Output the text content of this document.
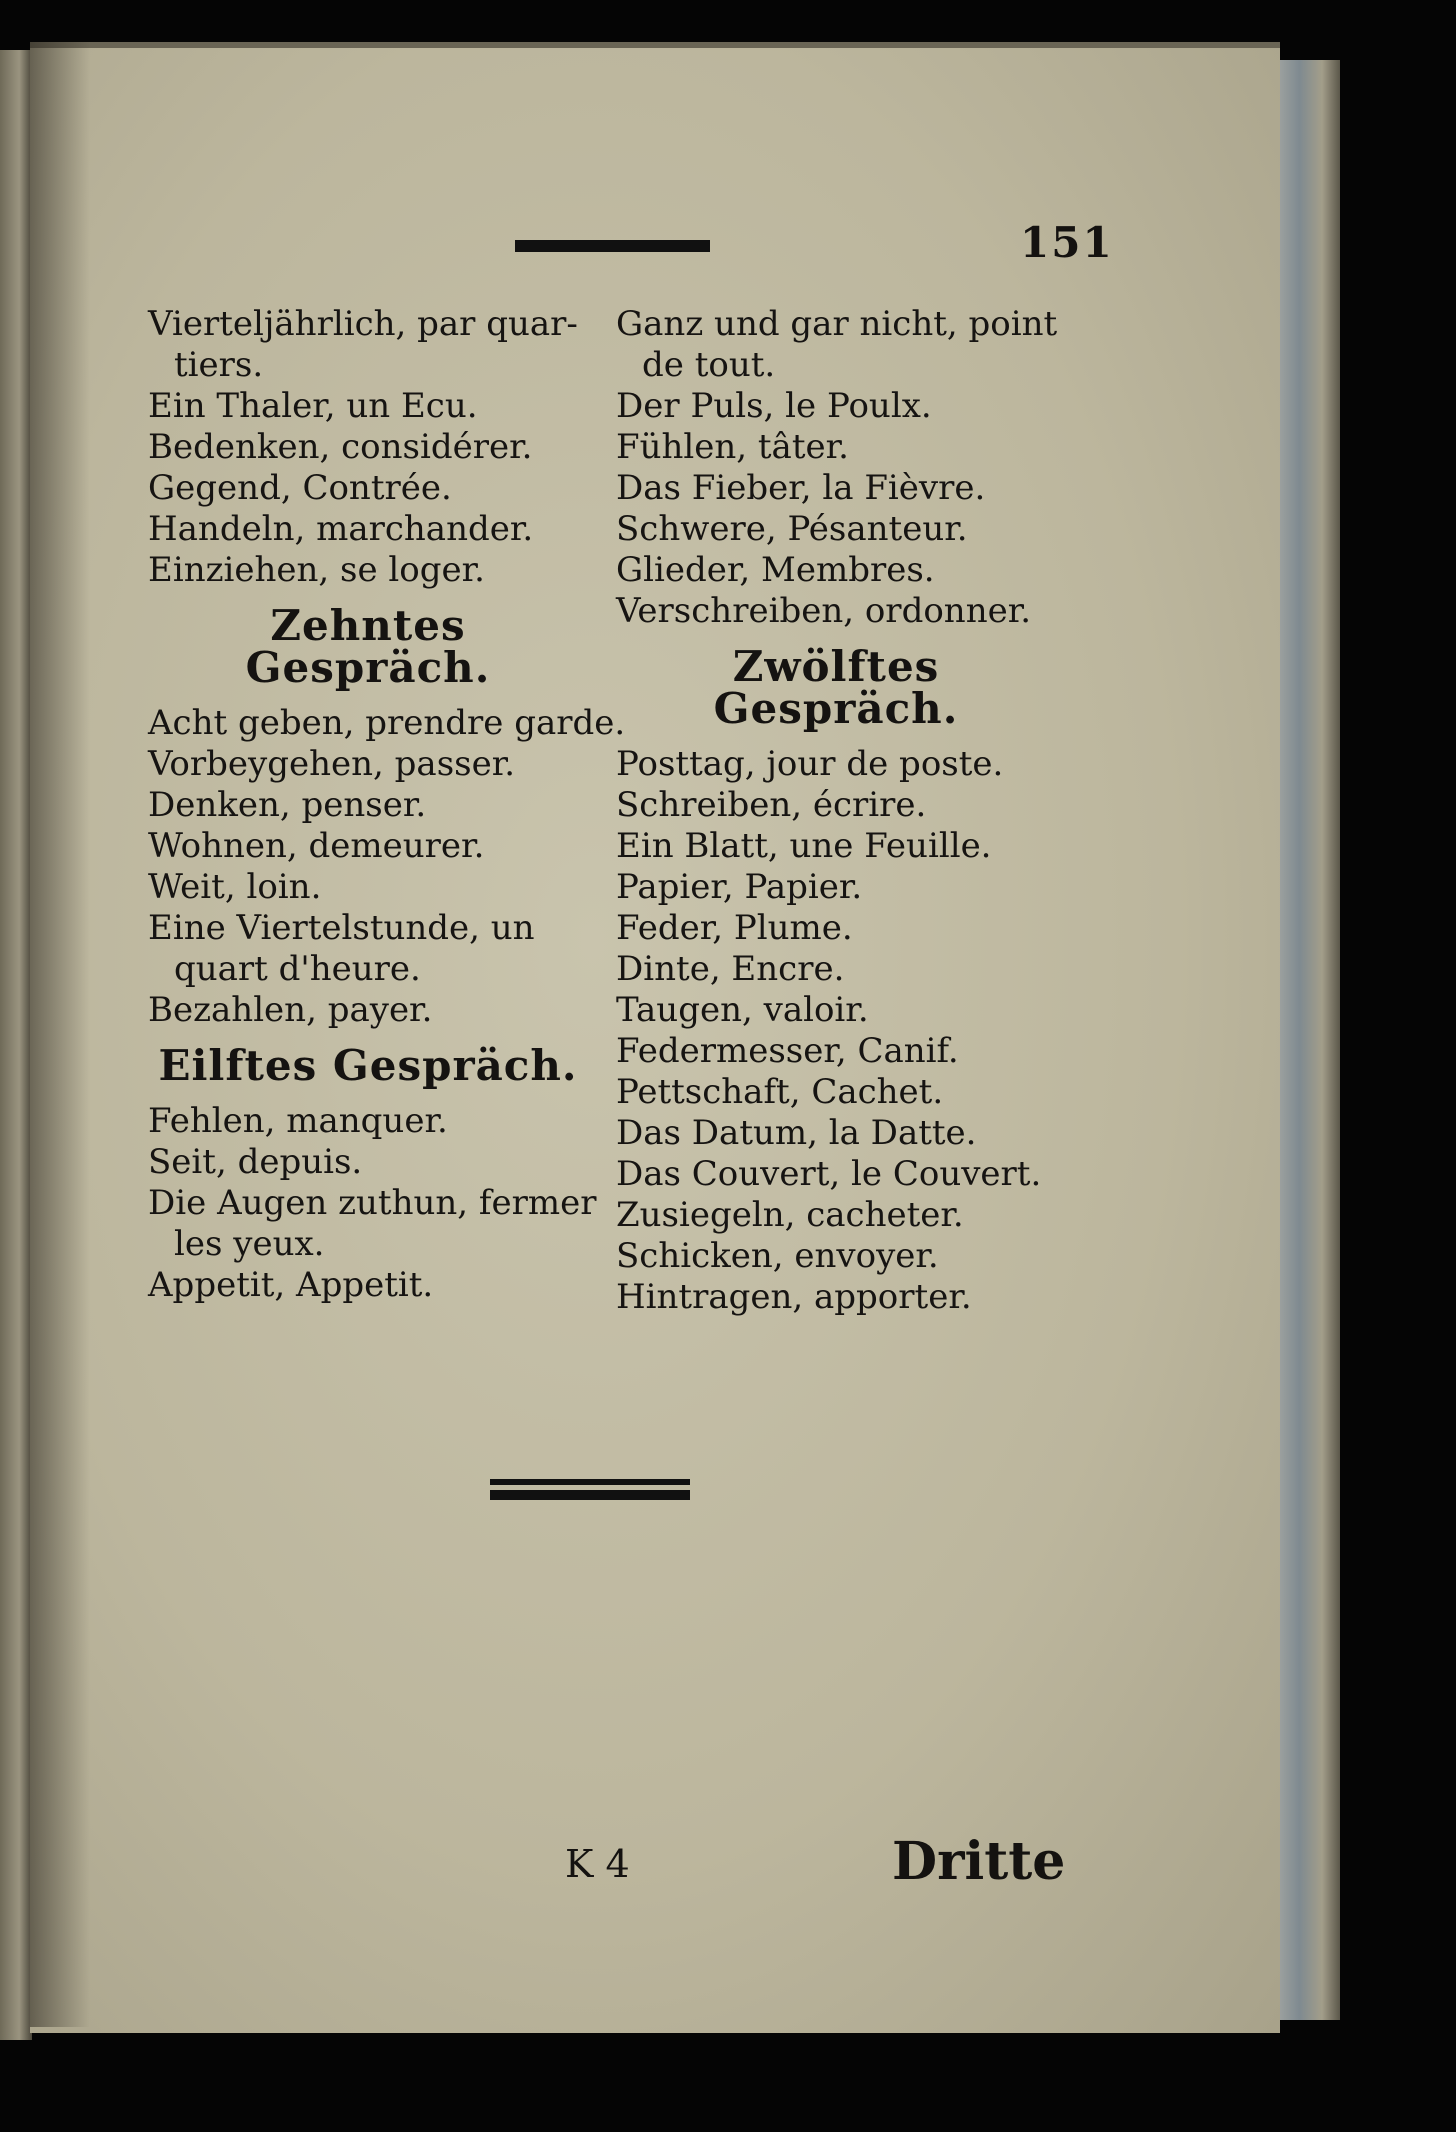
151
Vierteljährlich, par quar-
tiers.
Ein Thaler, un Ecu.
Bedenken, considérer.
Gegend, Contrée.
Handeln, marchander.
Einziehen, se loger.
Zehntes Gespräch.
Acht geben, prendre garde.
Vorbeygehen, passer.
Denken, penser.
Wohnen, demeurer.
Weit, loin.
Eine Viertelstunde, un
quart d'heure.
Bezahlen, payer.
Eilftes Gespräch.
Fehlen, manquer.
Seit, depuis.
Die Augen zuthun, fermer
les yeux.
Appetit, Appetit.
Ganz und gar nicht, point
de tout.
Der Puls, le Poulx.
Fühlen, tâter.
Das Fieber, la Fièvre.
Schwere, Pésanteur.
Glieder, Membres.
Verschreiben, ordonner.
Zwölftes Gespräch.
Posttag, jour de poste.
Schreiben, écrire.
Ein Blatt, une Feuille.
Papier, Papier.
Feder, Plume.
Dinte, Encre.
Taugen, valoir.
Federmesser, Canif.
Pettschaft, Cachet.
Das Datum, la Datte.
Das Couvert, le Couvert.
Zusiegeln, cacheter.
Schicken, envoyer.
Hintragen, apporter.
K 4	Dritte
